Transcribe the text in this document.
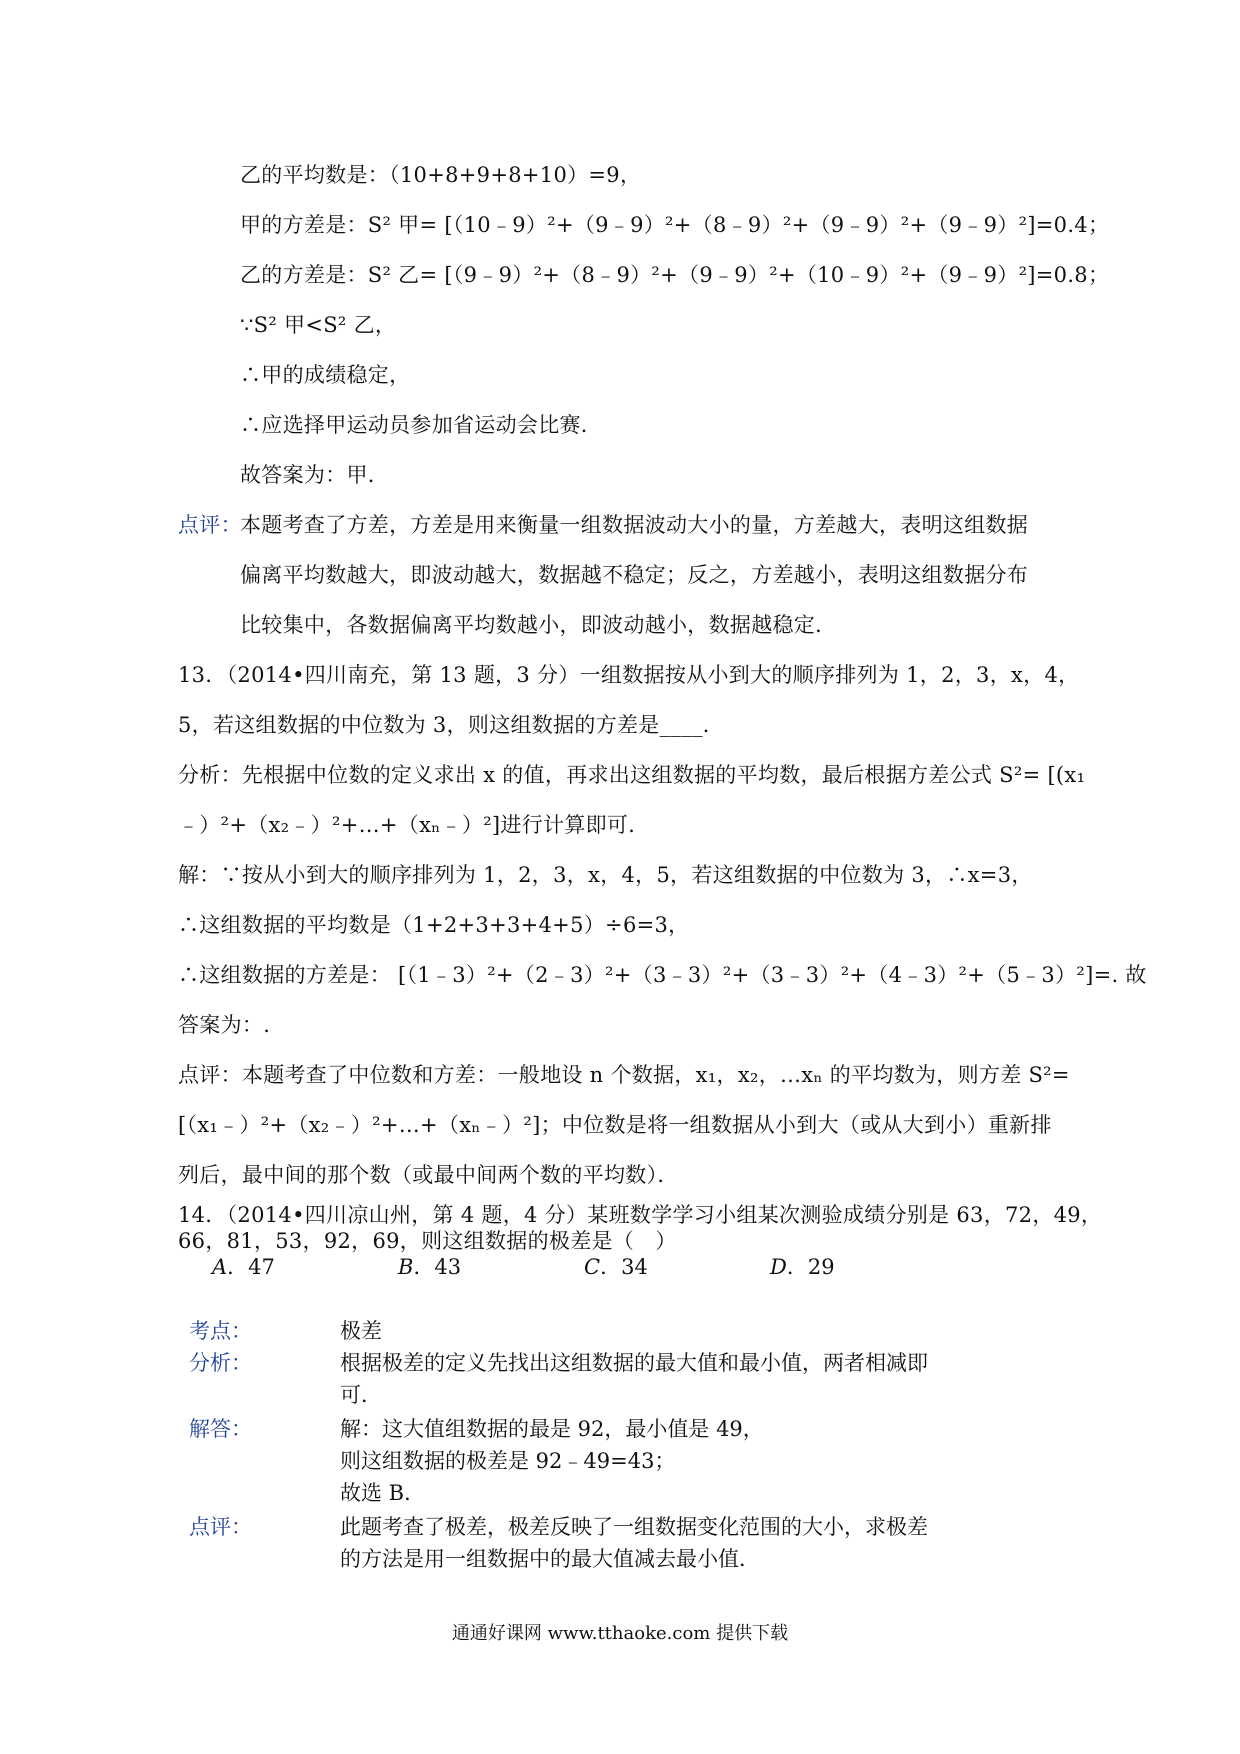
乙的平均数是：（10+8+9+8+10）=9，
甲的方差是：S² 甲= [（10﹣9）²+（9﹣9）²+（8﹣9）²+（9﹣9）²+（9﹣9）²]=0.4；
乙的方差是：S² 乙= [（9﹣9）²+（8﹣9）²+（9﹣9）²+（10﹣9）²+（9﹣9）²]=0.8；
∵S² 甲<S² 乙，
∴甲的成绩稳定，
∴应选择甲运动员参加省运动会比赛．
故答案为：甲．
点评：
本题考查了方差，方差是用来衡量一组数据波动大小的量，方差越大，表明这组数据
偏离平均数越大，即波动越大，数据越不稳定；反之，方差越小，表明这组数据分布
比较集中，各数据偏离平均数越小，即波动越小，数据越稳定．
13．（2014•四川南充，第 13 题，3 分）一组数据按从小到大的顺序排列为 1，2，3，x，4，
5，若这组数据的中位数为 3，则这组数据的方差是____．
分析：先根据中位数的定义求出 x 的值，再求出这组数据的平均数，最后根据方差公式 S²= [(x₁
﹣）²+（x₂﹣）²+…+（xₙ﹣）²]进行计算即可．
解：∵按从小到大的顺序排列为 1，2，3，x，4，5，若这组数据的中位数为 3，∴x=3，
∴这组数据的平均数是（1+2+3+3+4+5）÷6=3，
∴这组数据的方差是： [（1﹣3）²+（2﹣3）²+（3﹣3）²+（3﹣3）²+（4﹣3）²+（5﹣3）²]=. 故
答案为：.
点评：本题考查了中位数和方差：一般地设 n 个数据，x₁，x₂，…xₙ 的平均数为，则方差 S²=
[（x₁﹣）²+（x₂﹣）²+…+（xₙ﹣）²]；中位数是将一组数据从小到大（或从大到小）重新排
列后，最中间的那个数（或最中间两个数的平均数）．
14．（2014•四川凉山州，第 4 题，4 分）某班数学学习小组某次测验成绩分别是 63，72，49，
66，81，53，92，69，则这组数据的极差是（　）
A．47	B．43	C．34	D．29
考点：	极差
分析：	根据极差的定义先找出这组数据的最大值和最小值，两者相减即
可．
解答：	解：这大值组数据的最是 92，最小值是 49，
则这组数据的极差是 92﹣49=43；
故选 B．
点评：	此题考查了极差，极差反映了一组数据变化范围的大小，求极差
的方法是用一组数据中的最大值减去最小值．
通通好课网 www.tthaoke.com 提供下载
